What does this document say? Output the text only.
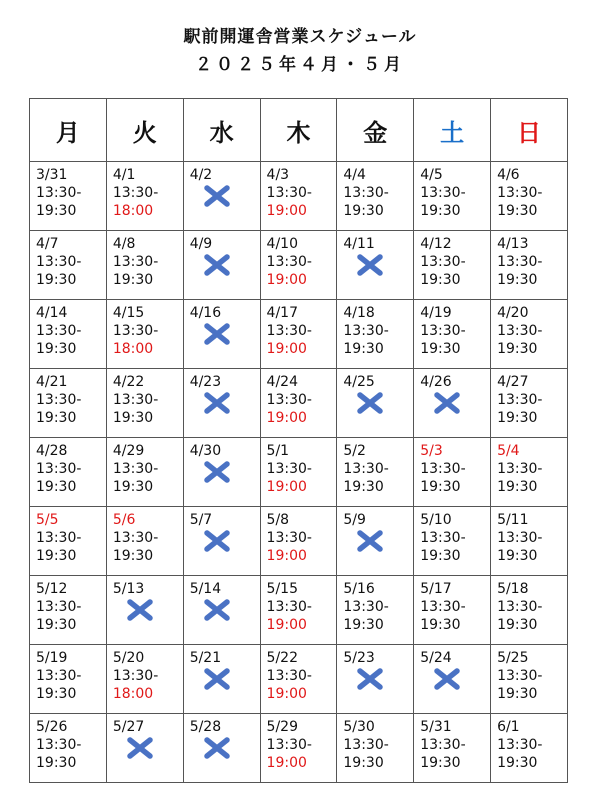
駅前開運舎営業スケジュール
２０２５年４月・５月
月	火	水	木	金	土	日

3/31
13:30-
19:30	4/1
13:30-
18:00	4/2	4/3
13:30-
19:00	4/4
13:30-
19:30	4/5
13:30-
19:30	4/6
13:30-
19:30

4/7
13:30-
19:30	4/8
13:30-
19:30	4/9	4/10
13:30-
19:00	4/11	4/12
13:30-
19:30	4/13
13:30-
19:30

4/14
13:30-
19:30	4/15
13:30-
18:00	4/16	4/17
13:30-
19:00	4/18
13:30-
19:30	4/19
13:30-
19:30	4/20
13:30-
19:30

4/21
13:30-
19:30	4/22
13:30-
19:30	4/23	4/24
13:30-
19:00	4/25	4/26	4/27
13:30-
19:30

4/28
13:30-
19:30	4/29
13:30-
19:30	4/30	5/1
13:30-
19:00	5/2
13:30-
19:30	5/3
13:30-
19:30	5/4
13:30-
19:30

5/5
13:30-
19:30	5/6
13:30-
19:30	5/7	5/8
13:30-
19:00	5/9	5/10
13:30-
19:30	5/11
13:30-
19:30

5/12
13:30-
19:30	5/13	5/14	5/15
13:30-
19:00	5/16
13:30-
19:30	5/17
13:30-
19:30	5/18
13:30-
19:30

5/19
13:30-
19:30	5/20
13:30-
18:00	5/21	5/22
13:30-
19:00	5/23	5/24	5/25
13:30-
19:30

5/26
13:30-
19:30	5/27	5/28	5/29
13:30-
19:00	5/30
13:30-
19:30	5/31
13:30-
19:30	6/1
13:30-
19:30
